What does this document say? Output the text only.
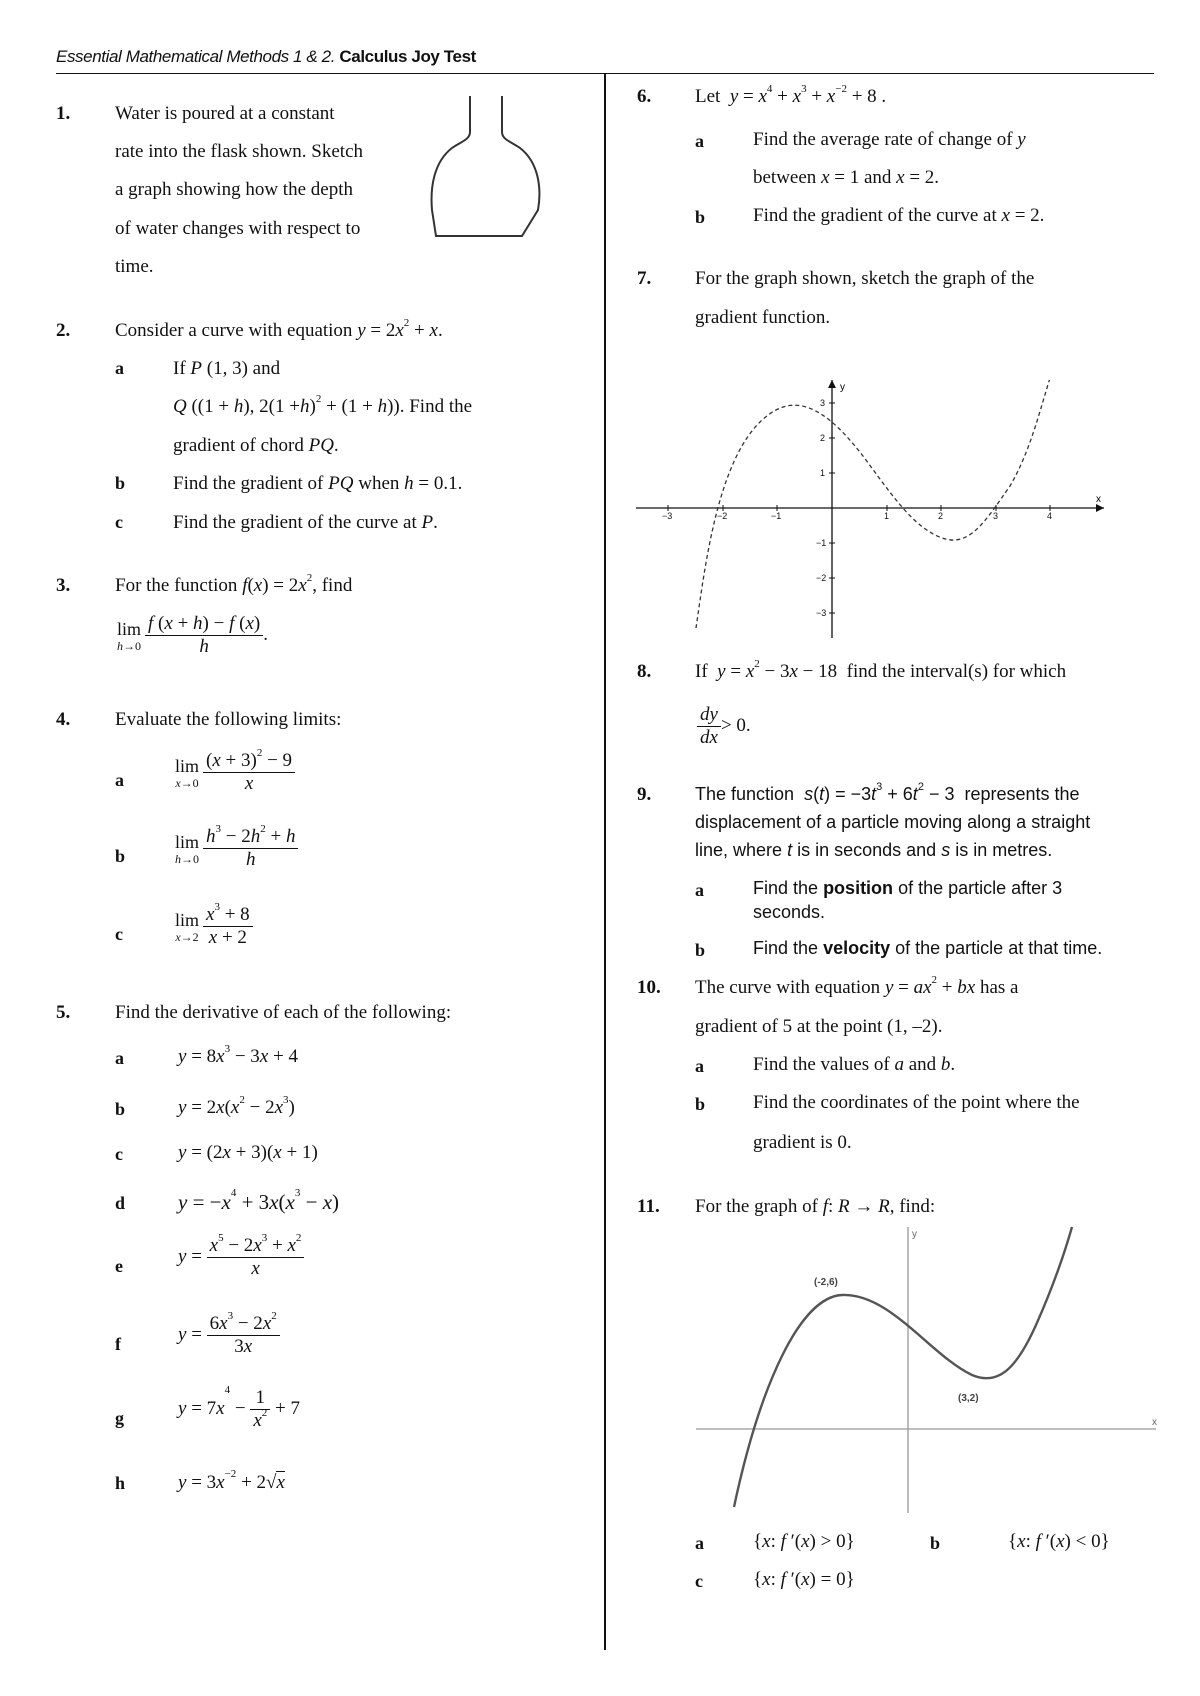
Essential Mathematical Methods 1 & 2. Calculus Joy Test
1. Water is poured at a constant
rate into the flask shown. Sketch
a graph showing how the depth
of water changes with respect to
time.
2. Consider a curve with equation $y = 2x^2 + x$.
a	If P (1, 3) and
Q ((1 + h), $2(1 +h)^2 + (1 + h)$). Find the
gradient of chord PQ.
b	Find the gradient of PQ when h = 0.1.
c	Find the gradient of the curve at P.
3. For the function $f(x) = 2x^2$, find
lim
$h\to 0 \frac{f (x + h) - f (x)}{h}$ .
4. Evaluate the following limits:
a
lim
$x\to 0 \frac{(x + 3)^2 - 9}{x}$
b
lim
$h\to 0 \frac{h^3 - 2h^2 + h}{h}$
c
lim
$x\to 2 \frac{x^3 + 8}{x + 2}$
5. Find the derivative of each of the following:
a	$y = 8x^3 - 3x + 4$
b	$y = 2x(x^2 - 2x^3)$
c	y = (2x + 3)(x + 1)
d	$y = -x^4 + 3x(x^3 - x)$
e	$y = \frac{x^5 - 2x^3 + x^2}{x}$
f	$y = \frac{6x^3 - 2x^2}{3x}$
g	$y = 7x^4 - \frac{1}{x^2} + 7$
h	$y = 3x^{-2} + 2√x$
6. Let $y = x^4 + x^3 + x^{-2} + 8$ .
a	Find the average rate of change of y
between x = 1 and x = 2.
b	Find the gradient of the curve at x = 2.
7. For the graph shown, sketch the graph of the
gradient function.
x
y
−3	−2	−1	1	2	3	4
3
2
1
−1
−2
−3
8. If $y = x^2 - 3x - 18$  find the interval(s) for which
$\frac{dy}{dx} > 0$.
9. The function $s(t) = -3t^3 + 6t^2 - 3$  represents the
displacement of a particle moving along a straight
line, where t is in seconds and s is in metres.
a	Find the position of the particle after 3
seconds.
b	Find the velocity of the particle at that time.
10. The curve with equation $y = ax^2$ + bx has a
gradient of 5 at the point (1, –2).
a	Find the values of a and b.
b	Find the coordinates of the point where the
gradient is 0.
11. For the graph of f: R → R, find:
x
y
(-2,6)
(3,2)
a	{x: f ′(x) > 0}	b	{x: f ′(x) < 0}
c	{x: f ′(x) = 0}
